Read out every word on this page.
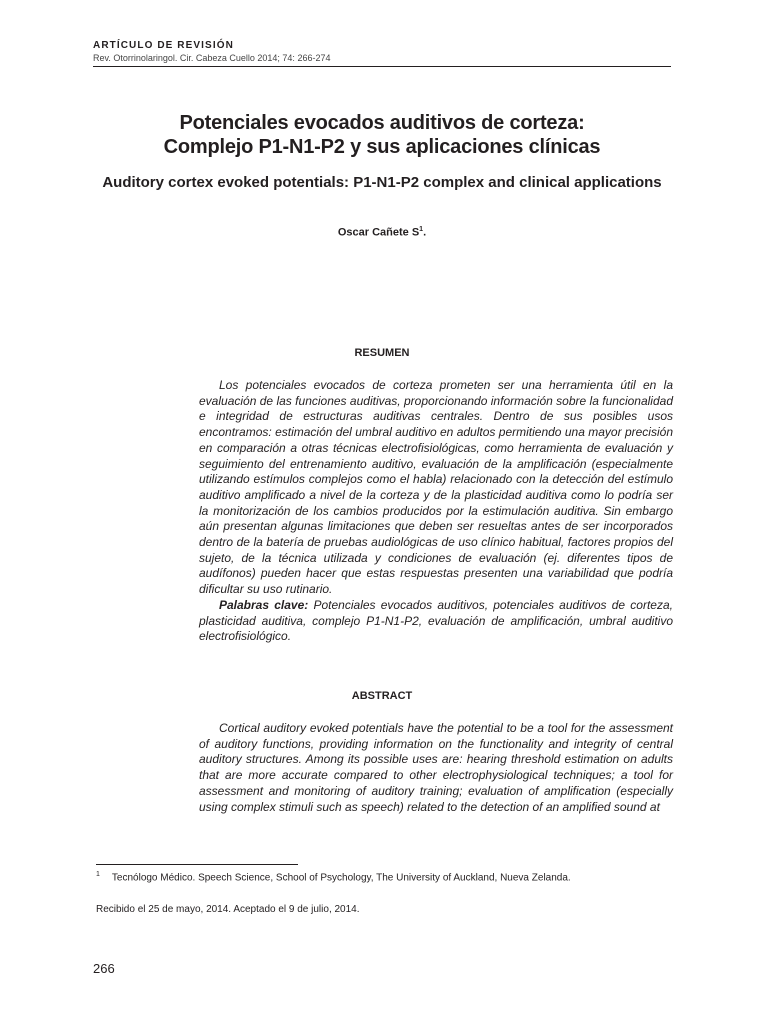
ARTÍCULO DE REVISIÓN

Rev. Otorrinolaringol. Cir. Cabeza Cuello 2014; 74: 266-274

Potenciales evocados auditivos de corteza:
Complejo P1-N1-P2 y sus aplicaciones clínicas
Auditory cortex evoked potentials: P1-N1-P2 complex and clinical applications

Oscar Cañete $S^1$.

RESUMEN

Los potenciales evocados de corteza prometen ser una herramienta útil en la evaluación de las funciones auditivas, proporcionando información sobre la funcionalidad e integridad de estructuras auditivas centrales. Dentro de sus posibles usos encontramos: estimación del umbral auditivo en adultos permitiendo una mayor precisión en comparación a otras técnicas electrofisiológicas, como herramienta de evaluación y seguimiento del entrenamiento auditivo, evaluación de la amplificación (especialmente utilizando estímulos complejos como el habla) relacionado con la detección del estímulo auditivo amplificado a nivel de la corteza y de la plasticidad auditiva como lo podría ser la monitorización de los cambios producidos por la estimulación auditiva. Sin embargo aún presentan algunas limitaciones que deben ser resueltas antes de ser incorporados dentro de la batería de pruebas audiológicas de uso clínico habitual, factores propios del sujeto, de la técnica utilizada y condiciones de evaluación (ej. diferentes tipos de audífonos) pueden hacer que estas respuestas presenten una variabilidad que podría dificultar su uso rutinario.
Palabras clave: Potenciales evocados auditivos, potenciales auditivos de corteza, plasticidad auditiva, complejo P1-N1-P2, evaluación de amplificación, umbral auditivo electrofisiológico.

ABSTRACT

Cortical auditory evoked potentials have the potential to be a tool for the assessment of auditory functions, providing information on the functionality and integrity of central auditory structures. Among its possible uses are: hearing threshold estimation on adults that are more accurate compared to other electrophysiological techniques; a tool for assessment and monitoring of auditory training; evaluation of amplification (especially using complex stimuli such as speech) related to the detection of an amplified sound at

$^1$ Tecnólogo Médico. Speech Science, School of Psychology, The University of Auckland, Nueva Zelanda.

Recibido el 25 de mayo, 2014. Aceptado el 9 de julio, 2014.

266
